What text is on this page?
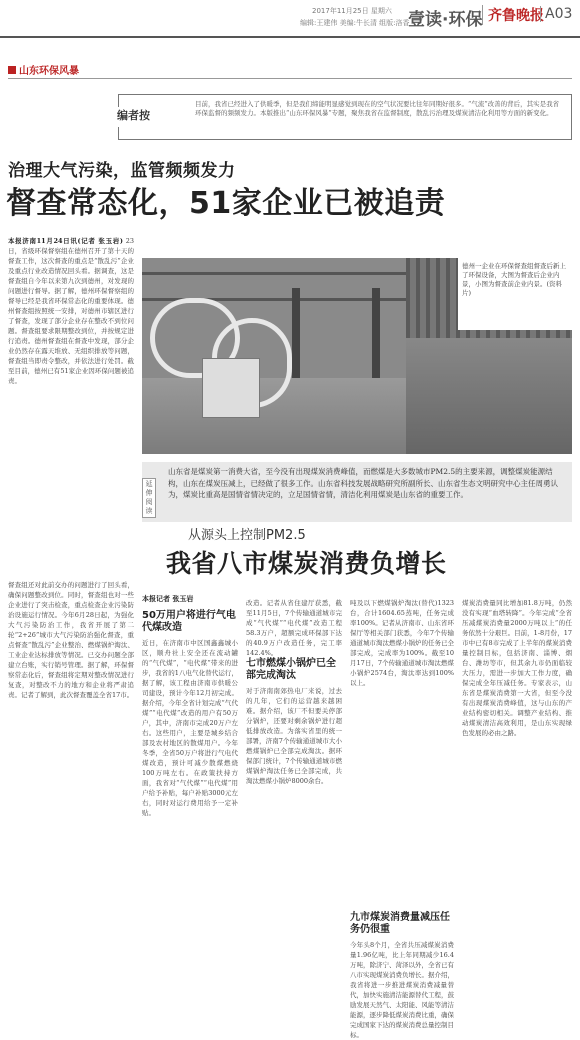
2017年11月25日 星期六
编辑:王建伟 美编:牛长清 组版:洛香
壹读·环保 齐鲁晚报 A03
山东环保风暴
编者按
目前，我省已经进入了供暖季，但是我们缔能明显感觉到现在的空气状况要比往年同期好很多。“气流”改善的背后，其实是我省环保监督的频频发力。本版推出“山东环保风暴”专题，聚焦我省在监督制度，散乱污治理及煤炭清洁化利用等方面的新变化。
治理大气污染，监管频频发力
督查常态化，51家企业已被追责
本报济南11月24日讯(记者 张玉岩) 23日，省级环保督察组在德州召开了第十天的督查工作，这次督查的重点是“散乱污”企业及重点行业改造情况回头看。据调查，这是督查组自今年以来第九次到德州，对发现的问题进行督导。据了解，德州环保督察组的督导已经是我省环保常态化的重要体现。德州督查组按照统一安排，对德州市辖区进行了督查，发现了部分企业存在整改不到位问题。督查组要求限期整改到位，并按规定进行追责。德州督查组在督查中发现，部分企业仍然存在露天堆放、无组织排放等问题，督查组当即责令整改，并依法进行处罚。截至目前，德州已有51家企业因环保问题被追责。
督查组还对此前交办的问题进行了回头看，确保问题整改到位。同时，督查组也对一些企业进行了突击检查，重点检查企业污染防治设施运行情况。今年6月28日起，为强化大气污染防治工作，我省开展了第二轮“2+26”城市大气污染防治强化督查，重点督查“散乱污”企业整治、燃煤锅炉淘汰、工业企业达标排放等情况。已交办问题全部建立台账，实行销号管理。据了解，环保督察常态化后，督查组将定期对整改情况进行复查，对整改不力的地方和企业将严肃追责。记者了解到，此次督查覆盖全省17市。
德州一企业在环保督查组督查后新上了环保设备，大图为督查后企业内景，小图为督查前企业内景。(资料片)
延伸阅读
山东省是煤炭第一消费大省，至今没有出现煤炭消费峰值，而燃煤是大多数城市PM2.5的主要来源，调整煤炭能源结构，山东在煤炭压减上，已经做了很多工作。山东省科技发展战略研究所副所长、山东省生态文明研究中心主任周勇认为，煤炭比重高是国情省情决定的，立足国情省情，清洁化利用煤炭是山东省的重要工作。
从源头上控制PM2.5
我省八市煤炭消费负增长
本报记者 张玉岩
50万用户将进行气电代煤改造
近日，在济南市中区国鑫鑫城小区，顺舟社上安全还在流动罐的“气代煤”，“电代煤”带来的进步，我省的1八电气化替代运行，据了解，该工程由济南市供暖公司建设，预计今年12月初完成。据介绍，今年全省计划完成“气代煤”“电代煤”改造的用户有50万户，其中，济南市完成20万户左右。这些用户，主要是城乡结合部及农村地区的散煤用户。今年冬季，全省50万户将进行气电代煤改造，预计可减少散煤燃烧100万吨左右。在政策扶持方面，我省对“气代煤”“电代煤”用户给予补贴，每户补贴3000元左右，同时对运行费用给予一定补贴。
改造。记者从省住建厅获悉，截至11月5日，7个传输通道城市完成“气代煤”“电代煤”改造工程58.3万户，超额完成环保部下达的40.9万户改造任务，完工率142.4%。
七市燃煤小锅炉已全部完成淘汰
对于济南南郊热电厂来说，过去的几年，它们的运营越来越困难。据介绍，该厂不但要关停部分锅炉，还要对剩余锅炉进行超低排放改造。为落实省里的统一部署，济南7个传输通道城市大小燃煤锅炉已全部完成淘汰。据环保部门统计，7个传输通道城市燃煤锅炉淘汰任务已全部完成，共淘汰燃煤小锅炉8000余台。
吨及以下燃煤锅炉淘汰(替代)1323台，合计1604.65蒸吨，任务完成率100%。记者从济南市、山东省环保厅等相关部门获悉，今年7个传输通道城市淘汰燃煤小锅炉的任务已全部完成，完成率为100%。截至10月17日，7个传输通道城市淘汰燃煤小锅炉2574台，淘汰率达到100%以上。
九市煤炭消费量减压任务仍很重
今年头8个月，全省共压减煤炭消费量1.96亿吨，比上年同期减少16.4万吨，除济宁、菏泽以外，全省已有八市实现煤炭消费负增长。据介绍，我省将进一步推进煤炭消费减量替代，加快实施清洁能源替代工程，鼓励发展天然气、太阳能、风能等清洁能源，逐步降低煤炭消费比重，确保完成国家下达的煤炭消费总量控制目标。
煤炭消费量同比增加81.8万吨，仍然没有实现“血塔转降”。今年完成“全省压减煤炭消费量2000万吨以上”的任务依然十分艰巨。目前，1-8月份，17市中已有8市完成了上半年的煤炭消费量控制目标，包括济南、淄博、烟台、潍坊等市，但其余九市仍面临较大压力，需进一步加大工作力度，确保完成全年压减任务。专家表示，山东省是煤炭消费第一大省，但至今没有出现煤炭消费峰值，这与山东的产业结构密切相关。调整产业结构、推动煤炭清洁高效利用，是山东实现绿色发展的必由之路。
